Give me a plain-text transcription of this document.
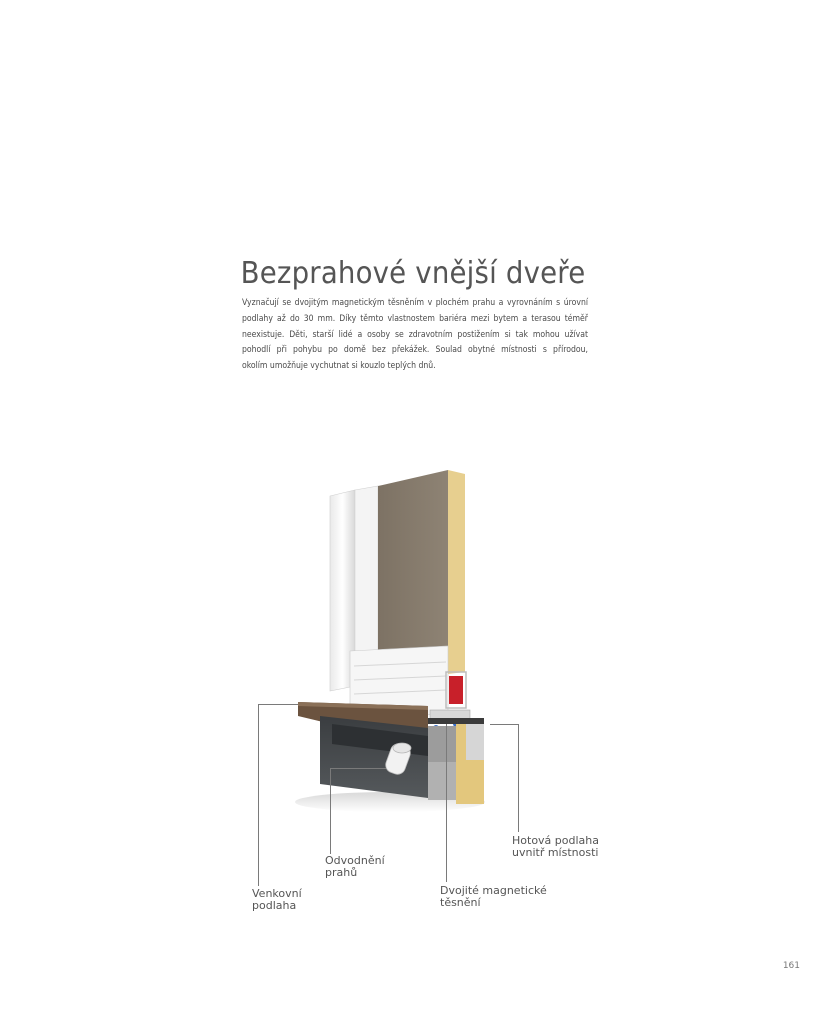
Bezprahové vnější dveře
Vyznačují se dvojitým magnetickým těsněním v plochém prahu a vyrovnáním s úrovní
podlahy až do 30 mm. Díky těmto vlastnostem bariéra mezi bytem a terasou téměř
neexistuje. Děti, starší lidé a osoby se zdravotním postižením si tak mohou užívat
pohodlí při pohybu po domě bez překážek. Soulad obytné místnosti s přírodou,
okolím umožňuje vychutnat si kouzlo teplých dnů.
Venkovní
podlaha
Odvodnění
prahů
Dvojité magnetické
těsnění
Hotová podlaha
uvnitř místnosti
161
